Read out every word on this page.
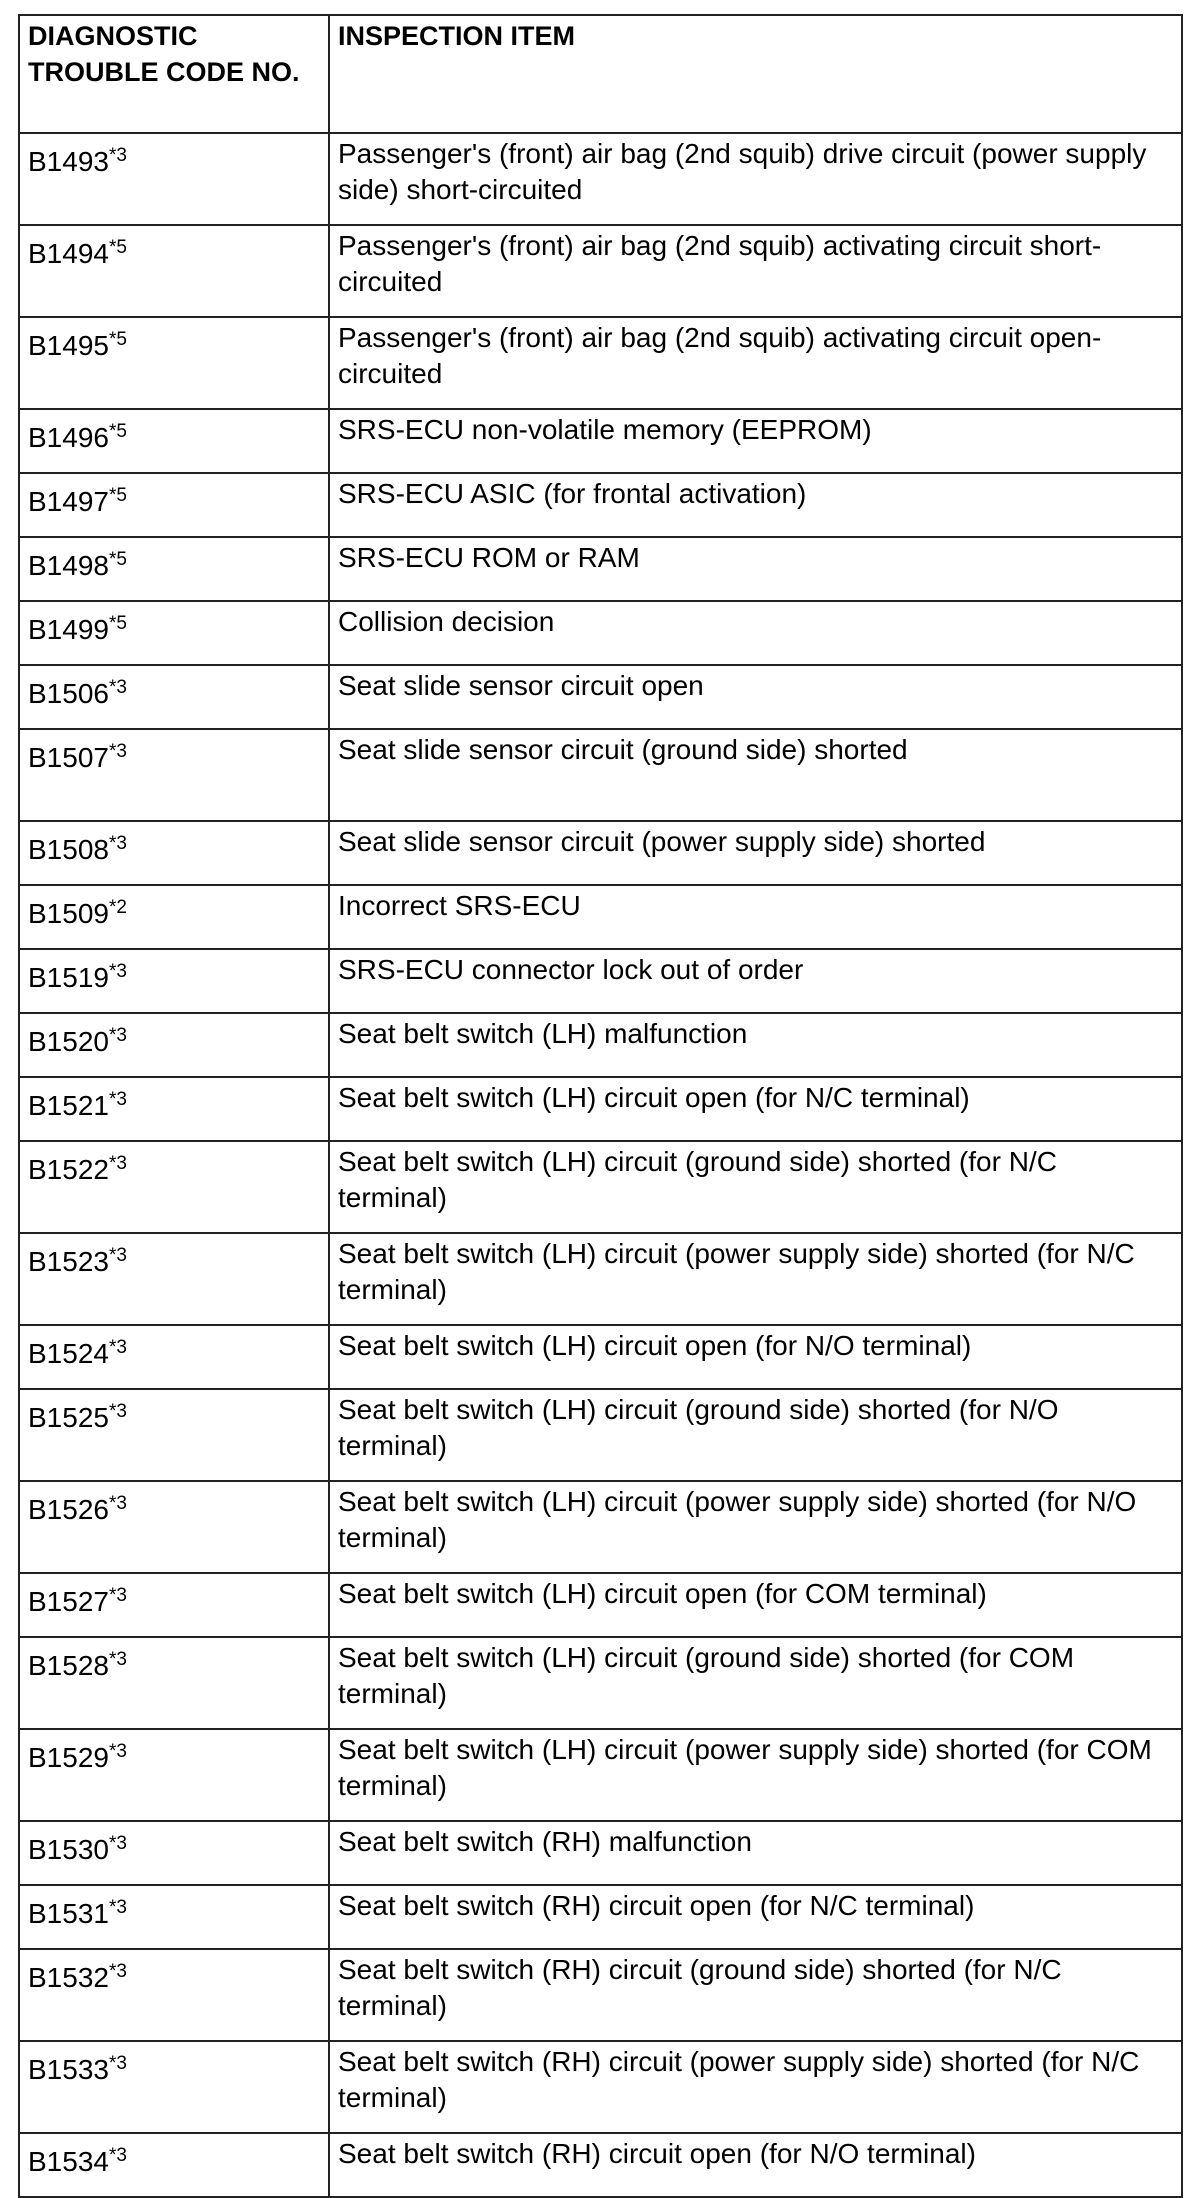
DIAGNOSTIC TROUBLE CODE NO.	INSPECTION ITEM
B1493$^{*3}$	Passenger's (front) air bag (2nd squib) drive circuit (power supply side) short-circuited
B1494$^{*5}$	Passenger's (front) air bag (2nd squib) activating circuit short-circuited
B1495$^{*5}$	Passenger's (front) air bag (2nd squib) activating circuit open-circuited
B1496$^{*5}$	SRS-ECU non-volatile memory (EEPROM)
B1497$^{*5}$	SRS-ECU ASIC (for frontal activation)
B1498$^{*5}$	SRS-ECU ROM or RAM
B1499$^{*5}$	Collision decision
B1506$^{*3}$	Seat slide sensor circuit open
B1507$^{*3}$	Seat slide sensor circuit (ground side) shorted
B1508$^{*3}$	Seat slide sensor circuit (power supply side) shorted
B1509$^{*2}$	Incorrect SRS-ECU
B1519$^{*3}$	SRS-ECU connector lock out of order
B1520$^{*3}$	Seat belt switch (LH) malfunction
B1521$^{*3}$	Seat belt switch (LH) circuit open (for N/C terminal)
B1522$^{*3}$	Seat belt switch (LH) circuit (ground side) shorted (for N/C terminal)
B1523$^{*3}$	Seat belt switch (LH) circuit (power supply side) shorted (for N/C terminal)
B1524$^{*3}$	Seat belt switch (LH) circuit open (for N/O terminal)
B1525$^{*3}$	Seat belt switch (LH) circuit (ground side) shorted (for N/O terminal)
B1526$^{*3}$	Seat belt switch (LH) circuit (power supply side) shorted (for N/O terminal)
B1527$^{*3}$	Seat belt switch (LH) circuit open (for COM terminal)
B1528$^{*3}$	Seat belt switch (LH) circuit (ground side) shorted (for COM terminal)
B1529$^{*3}$	Seat belt switch (LH) circuit (power supply side) shorted (for COM terminal)
B1530$^{*3}$	Seat belt switch (RH) malfunction
B1531$^{*3}$	Seat belt switch (RH) circuit open (for N/C terminal)
B1532$^{*3}$	Seat belt switch (RH) circuit (ground side) shorted (for N/C terminal)
B1533$^{*3}$	Seat belt switch (RH) circuit (power supply side) shorted (for N/C terminal)
B1534$^{*3}$	Seat belt switch (RH) circuit open (for N/O terminal)
